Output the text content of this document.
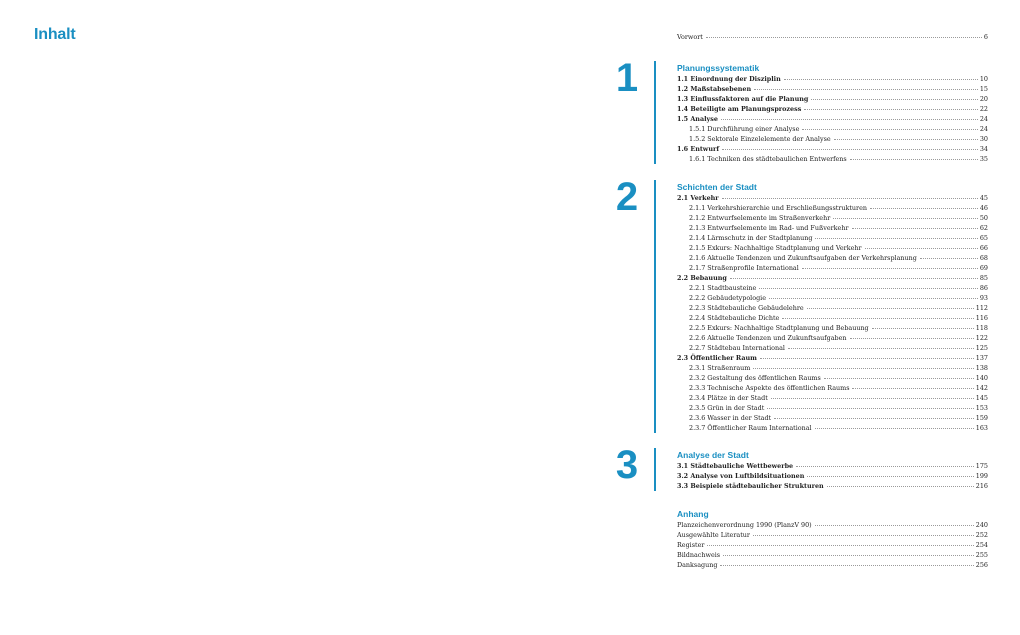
Inhalt	Vorwort	6
1	Planungssystematik
1.1 Einordnung der Disziplin	10
1.2 Maßstabsebenen	15
1.3 Einflussfaktoren auf die Planung	20
1.4 Beteiligte am Planungsprozess	22
1.5 Analyse	24
1.5.1 Durchführung einer Analyse	24
1.5.2 Sektorale Einzelelemente der Analyse	30
1.6 Entwurf	34
1.6.1 Techniken des städtebaulichen Entwerfens	35
2	Schichten der Stadt
2.1 Verkehr	45
2.1.1 Verkehrshierarchie und Erschließungsstrukturen	46
2.1.2 Entwurfselemente im Straßenverkehr	50
2.1.3 Entwurfselemente im Rad- und Fußverkehr	62
2.1.4 Lärmschutz in der Stadtplanung	65
2.1.5 Exkurs: Nachhaltige Stadtplanung und Verkehr	66
2.1.6 Aktuelle Tendenzen und Zukunftsaufgaben der Verkehrsplanung	68
2.1.7 Straßenprofile International	69
2.2 Bebauung	85
2.2.1 Stadtbausteine	86
2.2.2 Gebäudetypologie	93
2.2.3 Städtebauliche Gebäudelehre	112
2.2.4 Städtebauliche Dichte	116
2.2.5 Exkurs: Nachhaltige Stadtplanung und Bebauung	118
2.2.6 Aktuelle Tendenzen und Zukunftsaufgaben	122
2.2.7 Städtebau International	125
2.3 Öffentlicher Raum	137
2.3.1 Straßenraum	138
2.3.2 Gestaltung des öffentlichen Raums	140
2.3.3 Technische Aspekte des öffentlichen Raums	142
2.3.4 Plätze in der Stadt	145
2.3.5 Grün in der Stadt	153
2.3.6 Wasser in der Stadt	159
2.3.7 Öffentlicher Raum International	163
3	Analyse der Stadt
3.1 Städtebauliche Wettbewerbe	175
3.2 Analyse von Luftbildsituationen	199
3.3 Beispiele städtebaulicher Strukturen	216
Anhang
Planzeichenverordnung 1990 (PlanzV 90)	240
Ausgewählte Literatur	252
Register	254
Bildnachweis	255
Danksagung	256
